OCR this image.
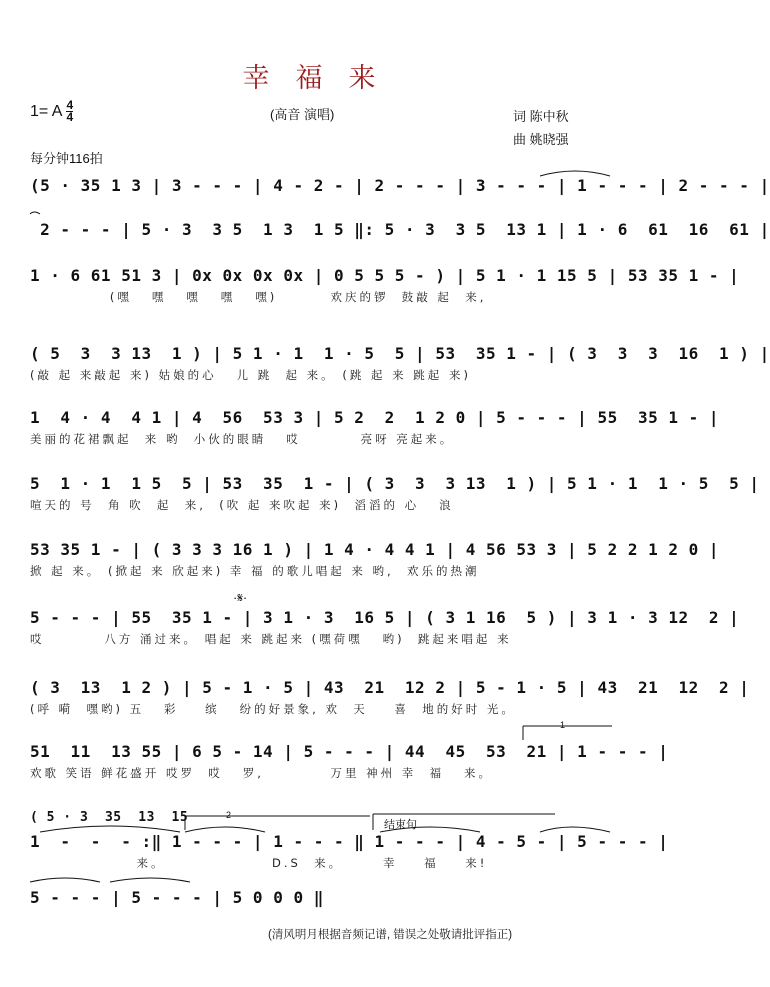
幸福来
1= A $\frac{4}{4}$	(高音 演唱)	词 陈中秋
曲 姚晓强
每分钟116拍
(5 · 35 1 3 | 3 - - - | 4 - 2 - | 2 - - - | 3 - - - | 1 - - - | 2 - - - |
2 - - - | 5 · 3  3 5  1 3  1 5 ‖: 5 · 3  3 5  13 1 | 1 · 6  61  16  61 |
1 · 6 61 51 3 | 0x 0x 0x 0x | 0 5 5 5 - ) | 5 1 · 1 15 5 | 53 35 1 - |
(嘿   嘿   嘿   嘿   嘿)        欢庆的锣  鼓敲 起  来,
( 5  3  3 13  1 ) | 5 1 · 1  1 · 5  5 | 53  35 1 - | ( 3  3  3  16  1 ) |
(敲 起 来敲起 来) 姑娘的心   儿 跳  起 来。 (跳 起 来 跳起 来)
1  4 · 4  4 1 | 4  56  53 3 | 5 2  2  1 2 0 | 5 - - - | 55  35 1 - |
美丽的花裙飘起  来 哟  小伙的眼睛   哎         亮呀 亮起来。
5  1 · 1  1 5  5 | 53  35  1 - | ( 3  3  3 13  1 ) | 5 1 · 1  1 · 5  5 |
喧天的 号  角 吹  起  来,  (吹 起 来吹起 来)  滔滔的 心   浪
53 35 1 - | ( 3 3 3 16 1 ) | 1 4 · 4 4 1 | 4 56 53 3 | 5 2 2 1 2 0 |
掀 起 来。 (掀起 来 欣起来) 幸 福 的歌儿唱起 来 哟,  欢乐的热潮
·𝄋·
5 - - - | 55  35 1 - | 3 1 · 3  16 5 | ( 3 1 16  5 ) | 3 1 · 3 12  2 |
哎         八方 涌过来。 唱起 来 跳起来 (嘿荷嘿   哟)  跳起来唱起 来
( 3  13  1 2 ) | 5 - 1 · 5 | 43  21  12 2 | 5 - 1 · 5 | 43  21  12  2 |
(呼 嗬  嘿哟) 五   彩    缤   纷的好景象, 欢  天    喜  地的好时 光。
51  11  13 55 | 6 5 - 14 | 5 - - - | 44  45  53  21 | 1 - - - |
欢歌 笑语 鲜花盛开 哎罗  哎   罗,          万里 神州 幸  福   来。
( 5 · 3  35  13  15	结束句
1  -  -  - :‖ 1 - - - | 1 - - - ‖ 1 - - - | 4 - 5 - | 5 - - - |
来。                D.S  来。      幸    福    来!
5 - - - | 5 - - - | 5 0 0 0 ‖
1
2
(清风明月根据音频记谱, 错误之处敬请批评指正)
